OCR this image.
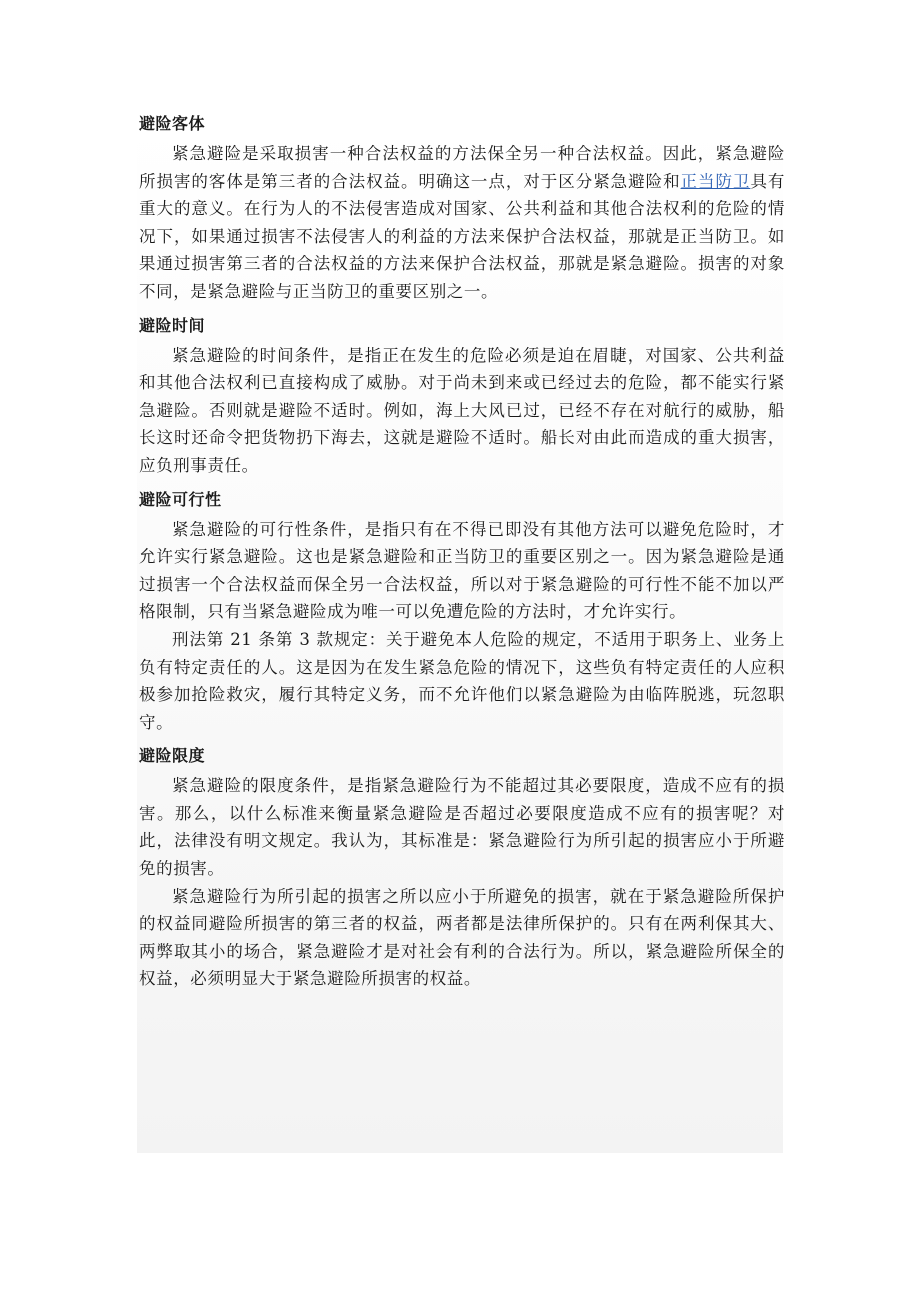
避险客体

紧急避险是采取损害一种合法权益的方法保全另一种合法权益。因此，紧急避险所损害的客体是第三者的合法权益。明确这一点，对于区分紧急避险和正当防卫具有重大的意义。在行为人的不法侵害造成对国家、公共利益和其他合法权利的危险的情况下，如果通过损害不法侵害人的利益的方法来保护合法权益，那就是正当防卫。如果通过损害第三者的合法权益的方法来保护合法权益，那就是紧急避险。损害的对象不同，是紧急避险与正当防卫的重要区别之一。

避险时间

紧急避险的时间条件，是指正在发生的危险必须是迫在眉睫，对国家、公共利益和其他合法权利已直接构成了威胁。对于尚未到来或已经过去的危险，都不能实行紧急避险。否则就是避险不适时。例如，海上大风已过，已经不存在对航行的威胁，船长这时还命令把货物扔下海去，这就是避险不适时。船长对由此而造成的重大损害，应负刑事责任。

避险可行性

紧急避险的可行性条件，是指只有在不得已即没有其他方法可以避免危险时，才允许实行紧急避险。这也是紧急避险和正当防卫的重要区别之一。因为紧急避险是通过损害一个合法权益而保全另一合法权益，所以对于紧急避险的可行性不能不加以严格限制，只有当紧急避险成为唯一可以免遭危险的方法时，才允许实行。

刑法第 21 条第 3 款规定：关于避免本人危险的规定，不适用于职务上、业务上负有特定责任的人。这是因为在发生紧急危险的情况下，这些负有特定责任的人应积极参加抢险救灾，履行其特定义务，而不允许他们以紧急避险为由临阵脱逃，玩忽职守。

避险限度

紧急避险的限度条件，是指紧急避险行为不能超过其必要限度，造成不应有的损害。那么，以什么标准来衡量紧急避险是否超过必要限度造成不应有的损害呢？对此，法律没有明文规定。我认为，其标准是：紧急避险行为所引起的损害应小于所避免的损害。

紧急避险行为所引起的损害之所以应小于所避免的损害，就在于紧急避险所保护的权益同避险所损害的第三者的权益，两者都是法律所保护的。只有在两利保其大、两弊取其小的场合，紧急避险才是对社会有利的合法行为。所以，紧急避险所保全的权益，必须明显大于紧急避险所损害的权益。
